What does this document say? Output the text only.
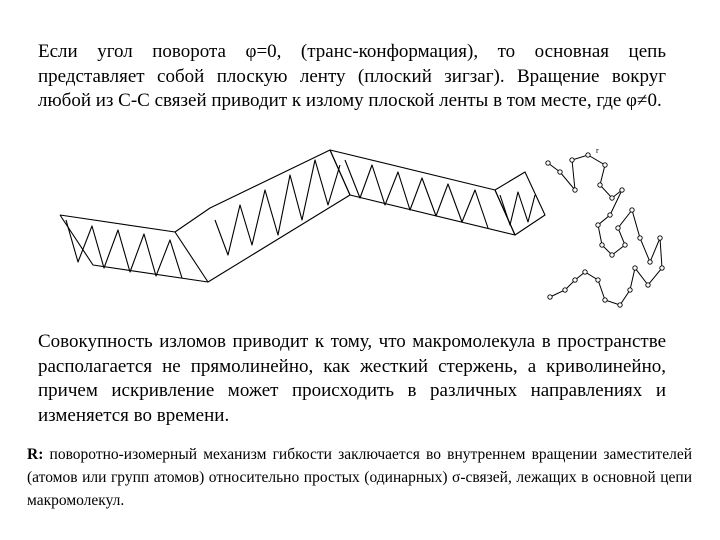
Если угол поворота φ=0, (транс-конформация), то основная цепь представляет собой плоскую ленту (плоский зигзаг). Вращение вокруг любой из С-С связей приводит к излому плоской ленты в том месте, где φ≠0.

r

Совокупность изломов приводит к тому, что макромолекула в пространстве располагается не прямолинейно, как жесткий стержень, а криволинейно, причем искривление может происходить в различных направлениях и изменяется во времени.

R: поворотно-изомерный механизм гибкости заключается во внутреннем вращении заместителей (атомов или групп атомов) относительно простых (одинарных) σ-связей, лежащих в основной цепи макромолекул.
